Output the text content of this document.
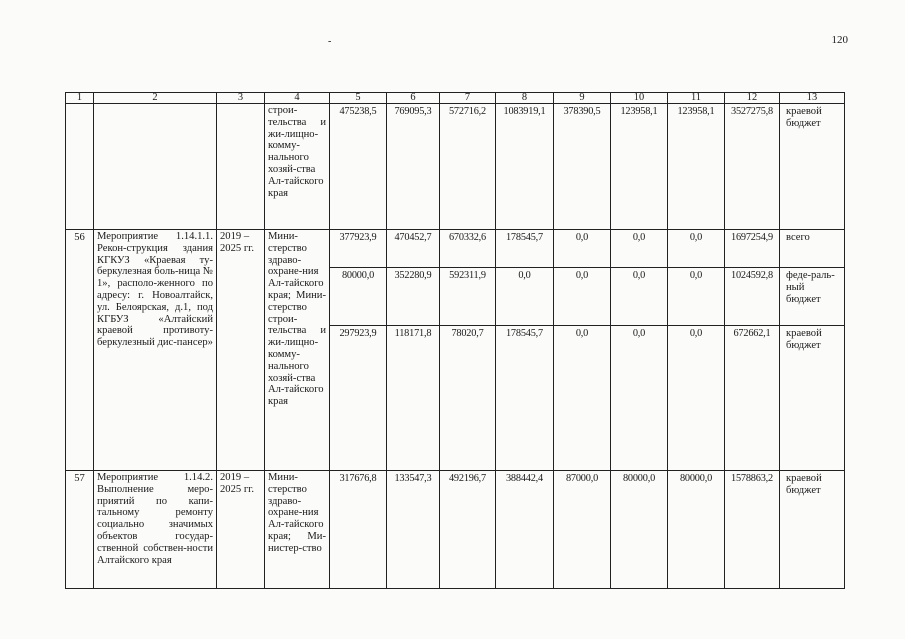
120
-
1	2	3	4	5	6	7	8	9	10	11	12	13
			строи-тельства и жи-лищно-комму-нального хозяй-ства Ал-тайского края	475238,5	769095,3	572716,2	1083919,1	378390,5	123958,1	123958,1	3527275,8	краевой бюджет
56	Мероприятие 1.14.1.1. Рекон-струкция здания КГКУЗ «Краевая ту-беркулезная боль-ница № 1», располо-женного по адресу: г. Новоалтайск, ул. Белоярская, д.1, под КГБУЗ «Алтайский краевой противоту-беркулезный дис-пансер»	2019 – 2025 гг.	Мини-стерство здраво-охране-ния Ал-тайского края; Мини-стерство строи-тельства и жи-лищно-комму-нального хозяй-ства Ал-тайского края	377923,9	470452,7	670332,6	178545,7	0,0	0,0	0,0	1697254,9	всего
				80000,0	352280,9	592311,9	0,0	0,0	0,0	0,0	1024592,8	феде-раль-ный бюджет
				297923,9	118171,8	78020,7	178545,7	0,0	0,0	0,0	672662,1	краевой бюджет
57	Мероприятие 1.14.2. Выполнение меро-приятий по капи-тальному ремонту социально значимых объектов государ-ственной собствен-ности Алтайского края	2019 – 2025 гг.	Мини-стерство здраво-охране-ния Ал-тайского края; Ми-нистер-ство	317676,8	133547,3	492196,7	388442,4	87000,0	80000,0	80000,0	1578863,2	краевой бюджет
